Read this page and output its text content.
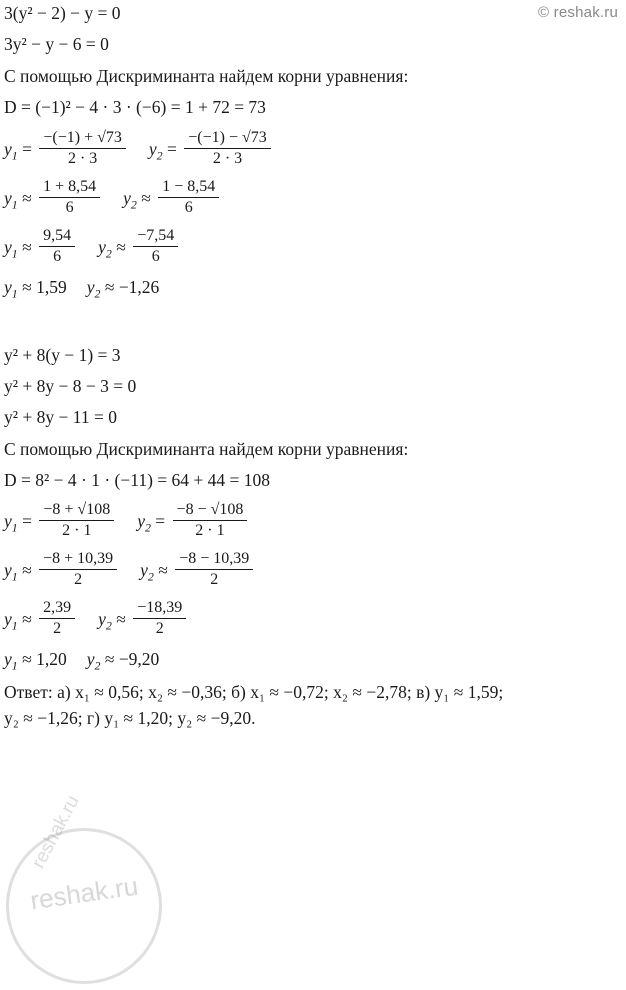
© reshak.ru
3(y² − 2) − y = 0
3y² − y − 6 = 0
С помощью Дискриминанта найдем корни уравнения:
D = (−1)² − 4 · 3 · (−6) = 1 + 72 = 73
$y_1 = \frac{-(-1) + √73}{2 \cdot 3} y_2 = \frac{-(-1) - √73}{2 \cdot 3}$
$y_1 \approx \frac{1 + 8,54}{6} y_2 \approx \frac{1 - 8,54}{6}$
$y_1 \approx \frac{9,54}{6} y_2 \approx \frac{-7,54}{6}$
$y_1 \approx 1,59$ $y_2 \approx -1,26$
y² + 8(y − 1) = 3
y² + 8y − 8 − 3 = 0
y² + 8y − 11 = 0
С помощью Дискриминанта найдем корни уравнения:
D = 8² − 4 · 1 · (−11) = 64 + 44 = 108
$y_1 = \frac{-8 + √108}{2 \cdot 1} y_2 = \frac{-8 - √108}{2 \cdot 1}$
$y_1 \approx \frac{-8 + 10,39}{2} y_2 \approx \frac{-8 - 10,39}{2}$
$y_1 \approx \frac{2,39}{2} y_2 \approx \frac{-18,39}{2}$
$y_1 \approx 1,20$ $y_2 \approx -9,20$
Ответ: а) x₁ ≈ 0,56; x₂ ≈ −0,36; б) x₁ ≈ −0,72; x₂ ≈ −2,78; в) y₁ ≈ 1,59;
y₂ ≈ −1,26; г) y₁ ≈ 1,20; y₂ ≈ −9,20.
reshak.ru
reshak.ru
